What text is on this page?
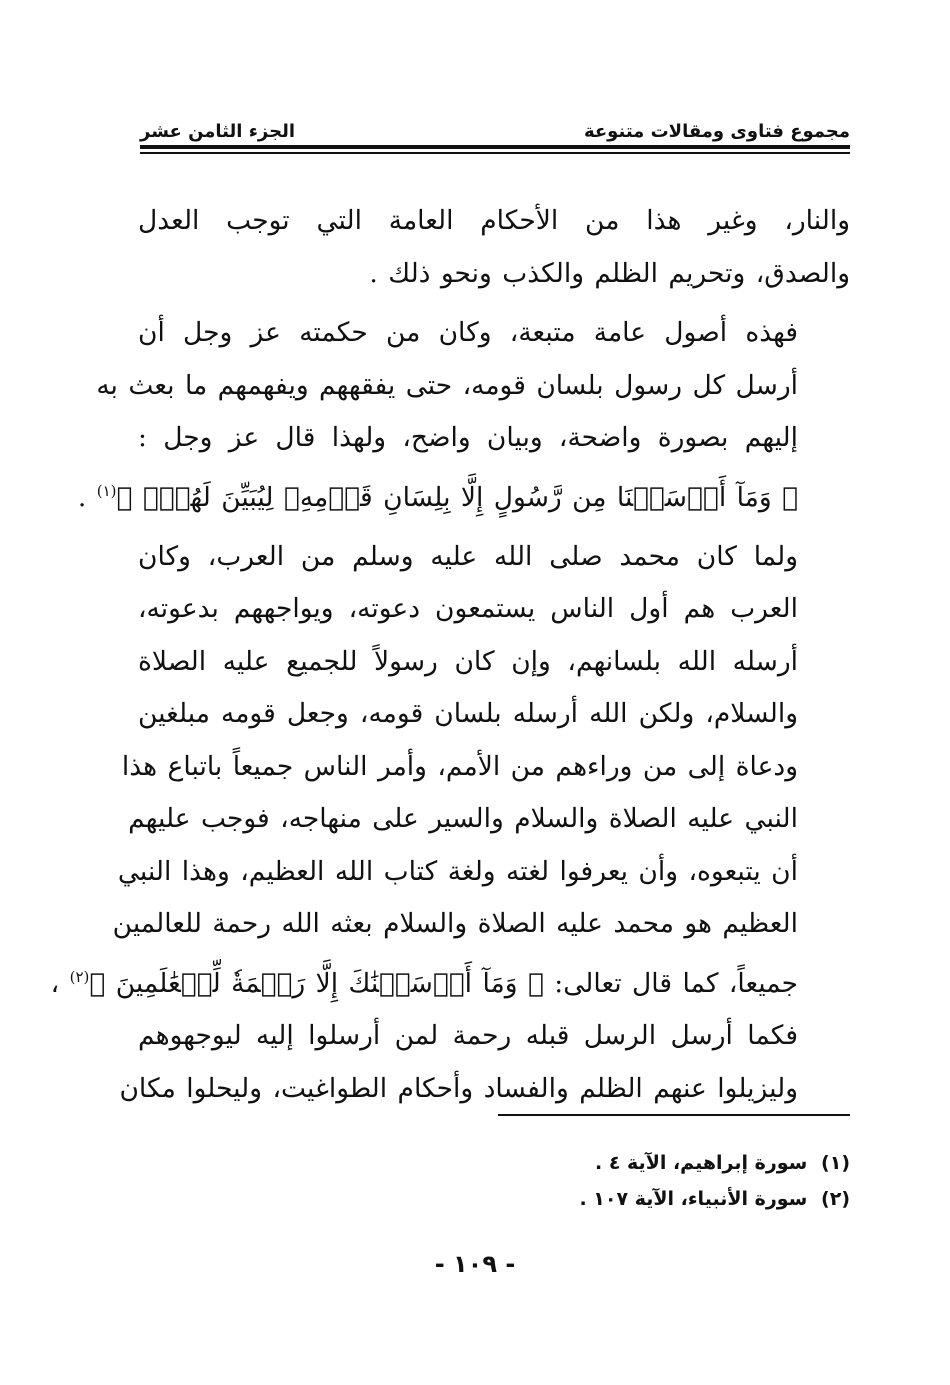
مجموع فتاوى ومقالات متنوعة
الجزء الثامن عشر

والنار، وغير هذا من الأحكام العامة التي توجب العدل
والصدق، وتحريم الظلم والكذب ونحو ذلك .

فهذه أصول عامة متبعة، وكان من حكمته عز وجل أن
أرسل كل رسول بلسان قومه، حتى يفقههم ويفهمهم ما بعث به
إليهم بصورة واضحة، وبيان واضح، ولهذا قال عز وجل :
﴿ وَمَآ أَرۡسَلۡنَا مِن رَّسُولٍ إِلَّا بِلِسَانِ قَوۡمِهِۦ لِيُبَيِّنَ لَهُمۡۖ ﴾$^{(١)}$ .

ولما كان محمد صلى الله عليه وسلم من العرب، وكان
العرب هم أول الناس يستمعون دعوته، ويواجههم بدعوته،
أرسله الله بلسانهم، وإن كان رسولاً للجميع عليه الصلاة
والسلام، ولكن الله أرسله بلسان قومه، وجعل قومه مبلغين
ودعاة إلى من وراءهم من الأمم، وأمر الناس جميعاً باتباع هذا
النبي عليه الصلاة والسلام والسير على منهاجه، فوجب عليهم
أن يتبعوه، وأن يعرفوا لغته ولغة كتاب الله العظيم، وهذا النبي
العظيم هو محمد عليه الصلاة والسلام بعثه الله رحمة للعالمين
جميعاً، كما قال تعالى: ﴿ وَمَآ أَرۡسَلۡنَٰكَ إِلَّا رَحۡمَةٗ لِّلۡعَٰلَمِينَ ﴾$^{(٢)}$ ،
فكما أرسل الرسل قبله رحمة لمن أرسلوا إليه ليوجهوهم
وليزيلوا عنهم الظلم والفساد وأحكام الطواغيت، وليحلوا مكان

(١) سورة إبراهيم، الآية ٤ .
(٢) سورة الأنبياء، الآية ١٠٧ .
- ١٠٩ -
